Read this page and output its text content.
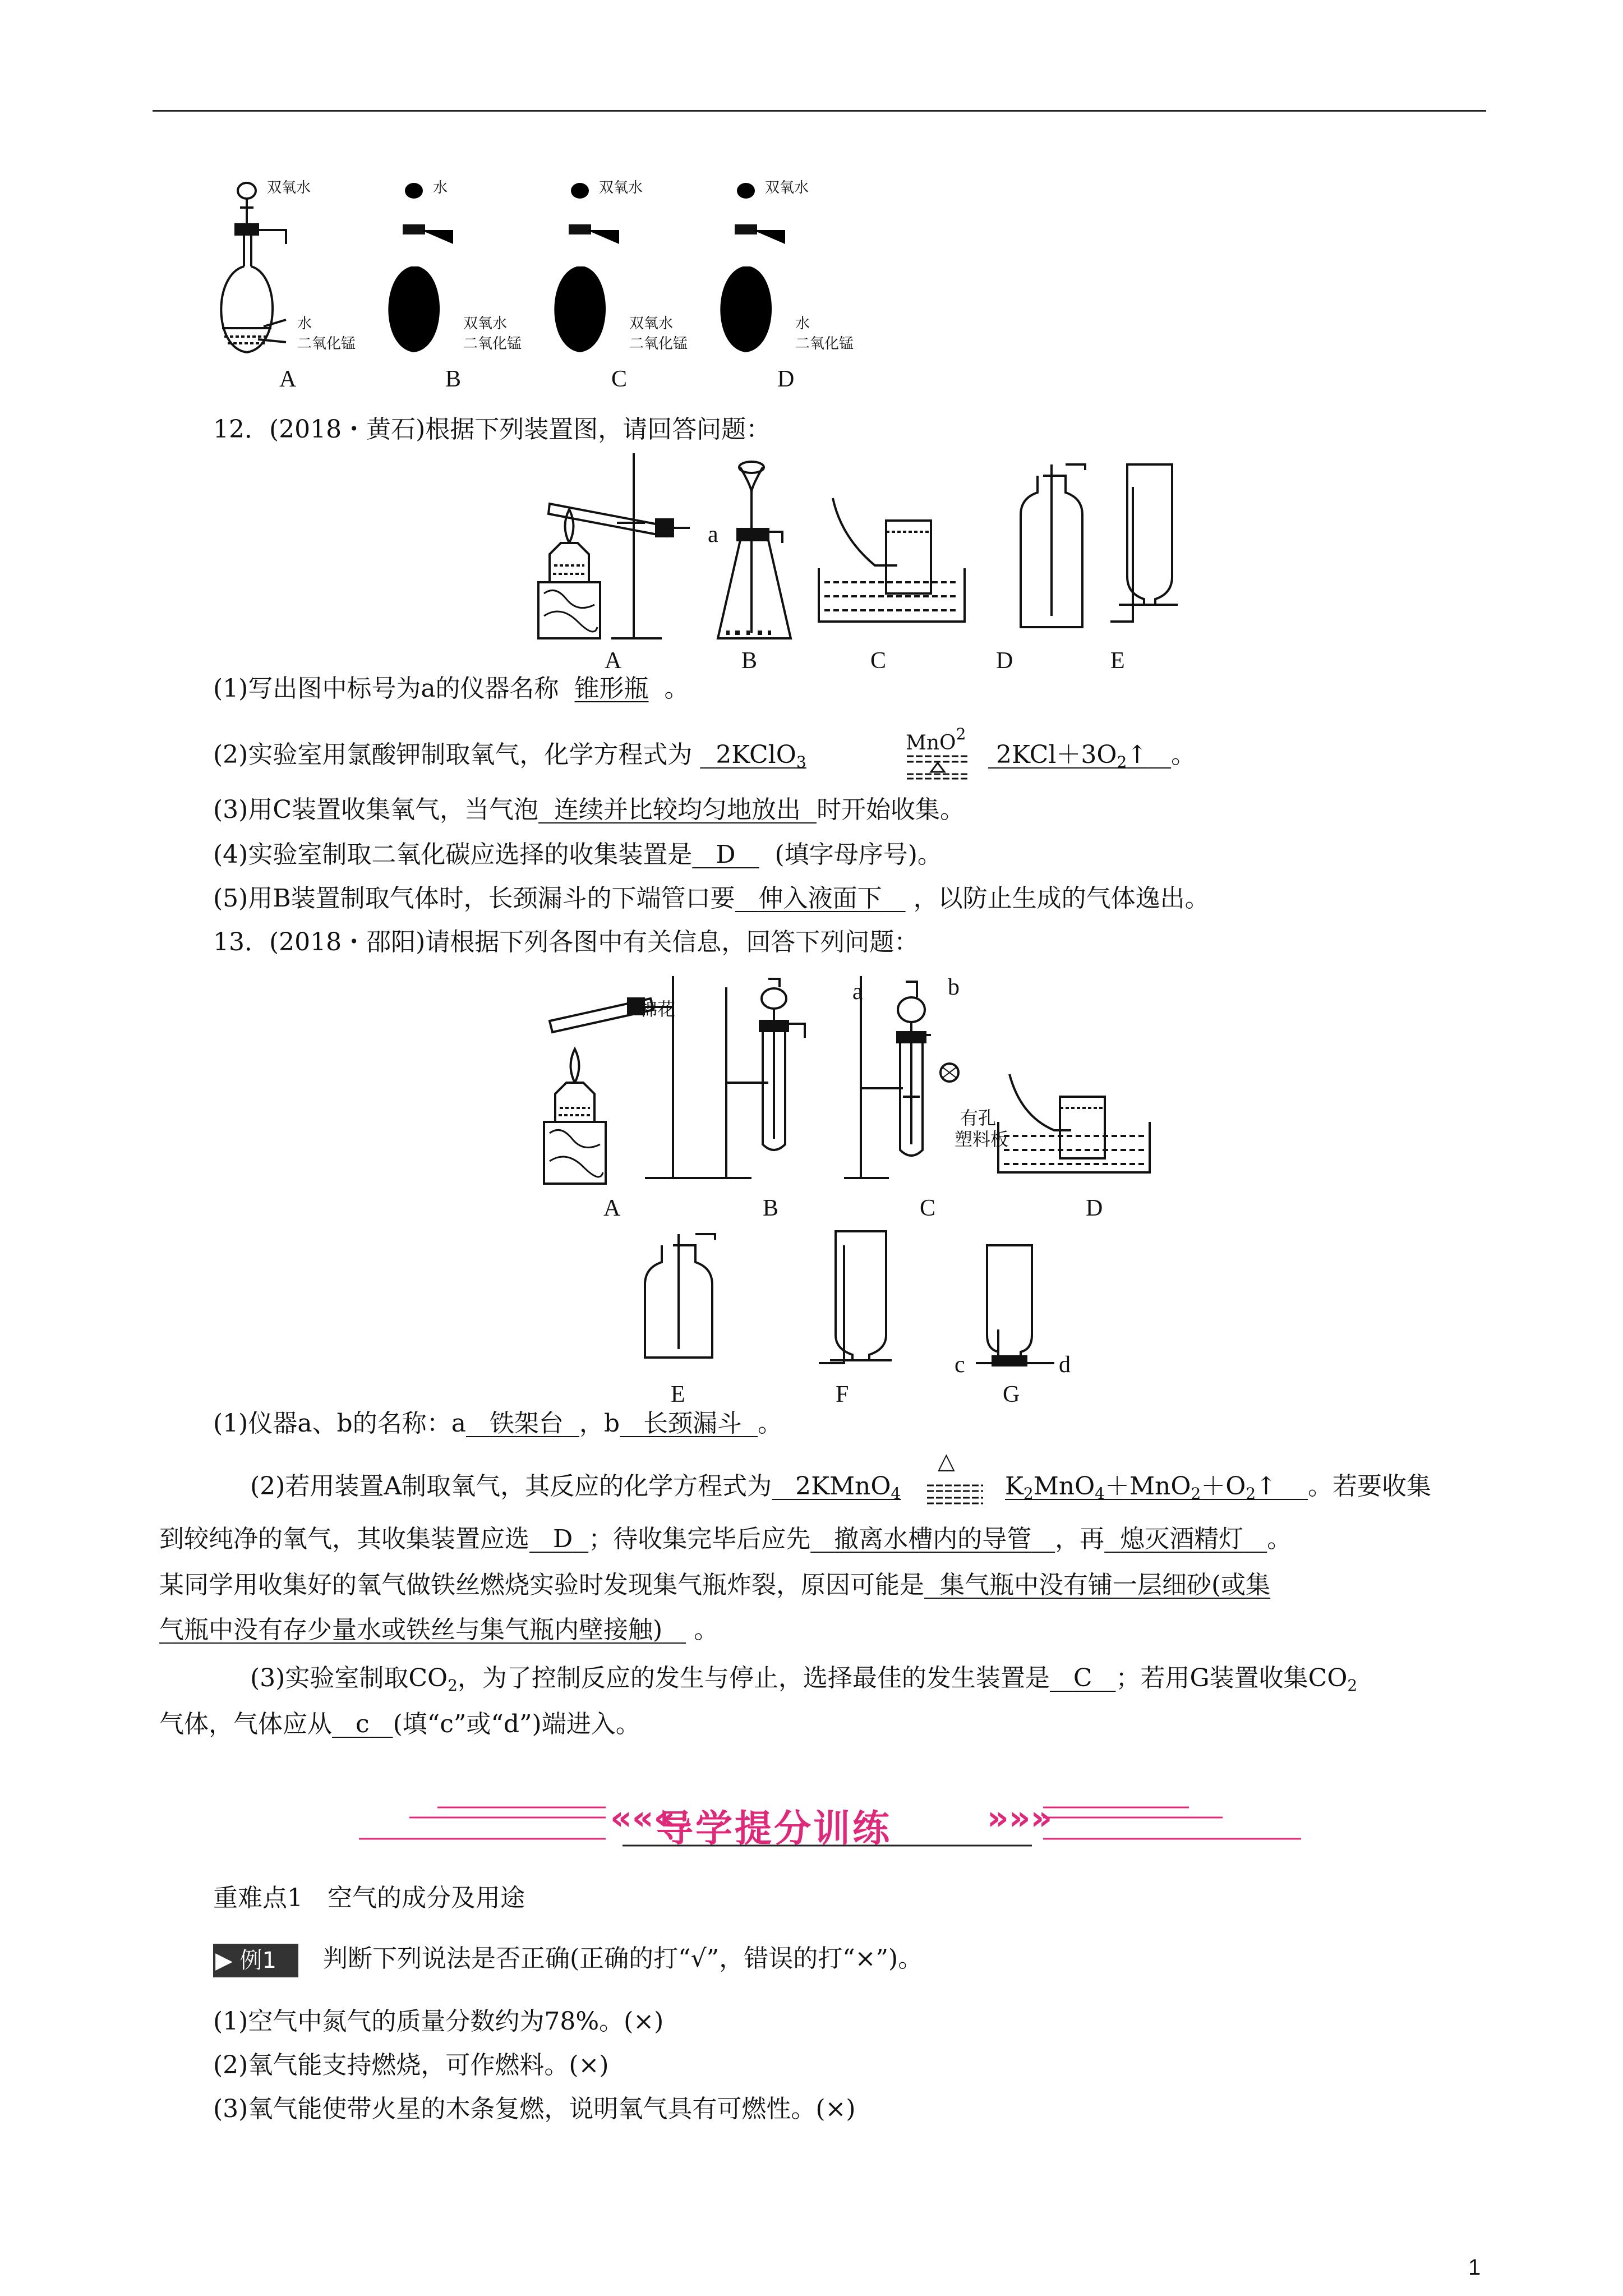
双氧水
水
二氧化锰
水
双氧水
二氧化锰
双氧水
双氧水
二氧化锰
双氧水
水
二氧化锰
A	B	C	D
12．(2018・黄石)根据下列装置图，请回答问题：
a
A	B	C	D	E
(1)写出图中标号为a的仪器名称 锥形瓶 。
(2)实验室用氯酸钾制取氧气，化学方程式为 2KClO$_3$
MnO$^2$
$2KCl+3O_2↑$ 。
(3)用C装置收集氧气，当气泡 连续并比较均匀地放出 时开始收集。
(4)实验室制取二氧化碳应选择的收集装置是 D (填字母序号)。
(5)用B装置制取气体时，长颈漏斗的下端管口要 伸入液面下 ，以防止生成的气体逸出。
13．(2018・邵阳)请根据下列各图中有关信息，回答下列问题：
棉花
有孔
塑料板
a	b
A	B	C	D
c	d
E	F	G
(1)仪器a、b的名称：a 铁架台 ，b 长颈漏斗 。
(2)若用装置A制取氧气，其反应的化学方程式为 2KMnO$_4$
△
$K_2MnO_4+MnO_2+O_2↑$ 。若要收集
到较纯净的氧气，其收集装置应选 D ；待收集完毕后应先 撤离水槽内的导管 ，再 熄灭酒精灯 。
某同学用收集好的氧气做铁丝燃烧实验时发现集气瓶炸裂，原因可能是 集气瓶中没有铺一层细砂(或集
气瓶中没有存少量水或铁丝与集气瓶内壁接触) 。
(3)实验室制取$CO_2$，为了控制反应的发生与停止，选择最佳的发生装置是 C ；若用G装置收集$CO_2$
气体，气体应从 c (填“c”或“d”)端进入。
«««
导学提分训练	»»»
重难点1　空气的成分及用途
▶ 例1	判断下列说法是否正确(正确的打“√”，错误的打“×”)。
(1)空气中氮气的质量分数约为78%。(×)
(2)氧气能支持燃烧，可作燃料。(×)
(3)氧气能使带火星的木条复燃，说明氧气具有可燃性。(×)
1
